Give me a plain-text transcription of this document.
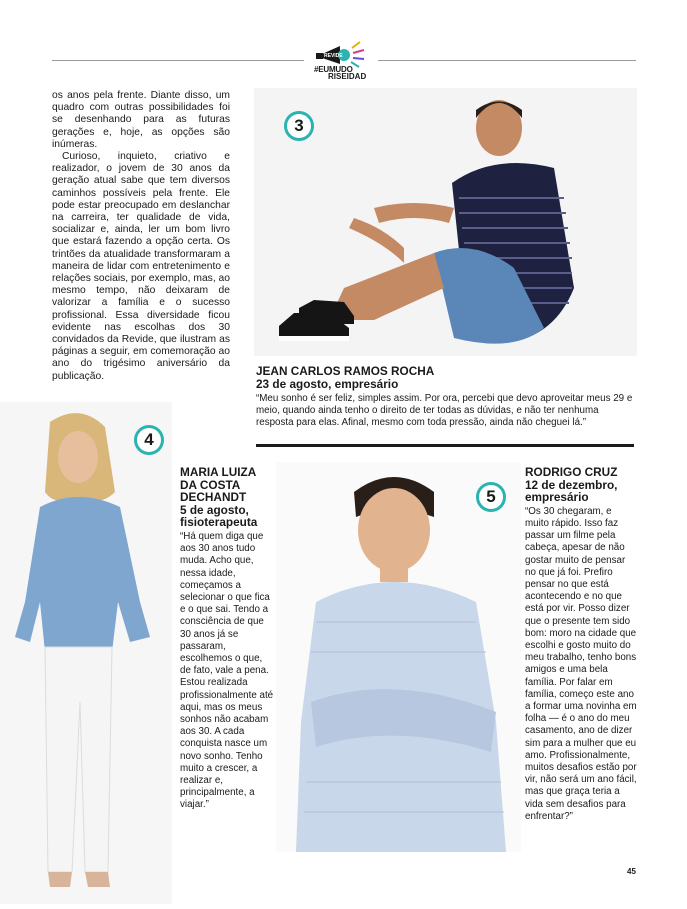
REVIDE
#EUMUDO
RISEIDAD

os anos pela frente. Diante disso, um quadro com outras possibilidades foi se desenhando para as futuras gerações e, hoje, as opções são inúmeras.

Curioso, inquieto, criativo e realizador, o jovem de 30 anos da geração atual sabe que tem diversos caminhos possíveis pela frente. Ele pode estar preocupado em deslanchar na carreira, ter qualidade de vida, socializar e, ainda, ler um bom livro que estará fazendo a opção certa. Os trintões da atualidade transformaram a maneira de lidar com entretenimento e relações sociais, por exemplo, mas, ao mesmo tempo, não deixaram de valorizar a família e o sucesso profissional. Essa diversidade ficou evidente nas escolhas dos 30 convidados da Revide, que ilustram as páginas a seguir, em comemoração ao ano do trigésimo aniversário da publicação.

3
JEAN CARLOS RAMOS ROCHA
23 de agosto, empresário
“Meu sonho é ser feliz, simples assim. Por ora, percebi que devo aproveitar meus 29 e meio, quando ainda tenho o direito de ter todas as dúvidas, e não ter nenhuma resposta para elas. Afinal, mesmo com toda pressão, ainda não cheguei lá.”
4
MARIA LUIZA DA COSTA DECHANDT
5 de agosto, fisioterapeuta
“Há quem diga que aos 30 anos tudo muda. Acho que, nessa idade, começamos a selecionar o que fica e o que sai. Tendo a consciência de que 30 anos já se passaram, escolhemos o que, de fato, vale a pena. Estou realizada profissionalmente até aqui, mas os meus sonhos não acabam aos 30. A cada conquista nasce um novo sonho. Tenho muito a crescer, a realizar e, principalmente, a viajar.”
5
RODRIGO CRUZ
12 de dezembro, empresário
“Os 30 chegaram, e muito rápido. Isso faz passar um filme pela cabeça, apesar de não gostar muito de pensar no que já foi. Prefiro pensar no que está acontecendo e no que está por vir. Posso dizer que o presente tem sido bom: moro na cidade que escolhi e gosto muito do meu trabalho, tenho bons amigos e uma bela família. Por falar em família, começo este ano a formar uma novinha em folha — é o ano do meu casamento, ano de dizer sim para a mulher que eu amo. Profissionalmente, muitos desafios estão por vir, não será um ano fácil, mas que graça teria a vida sem desafios para enfrentar?”
45
